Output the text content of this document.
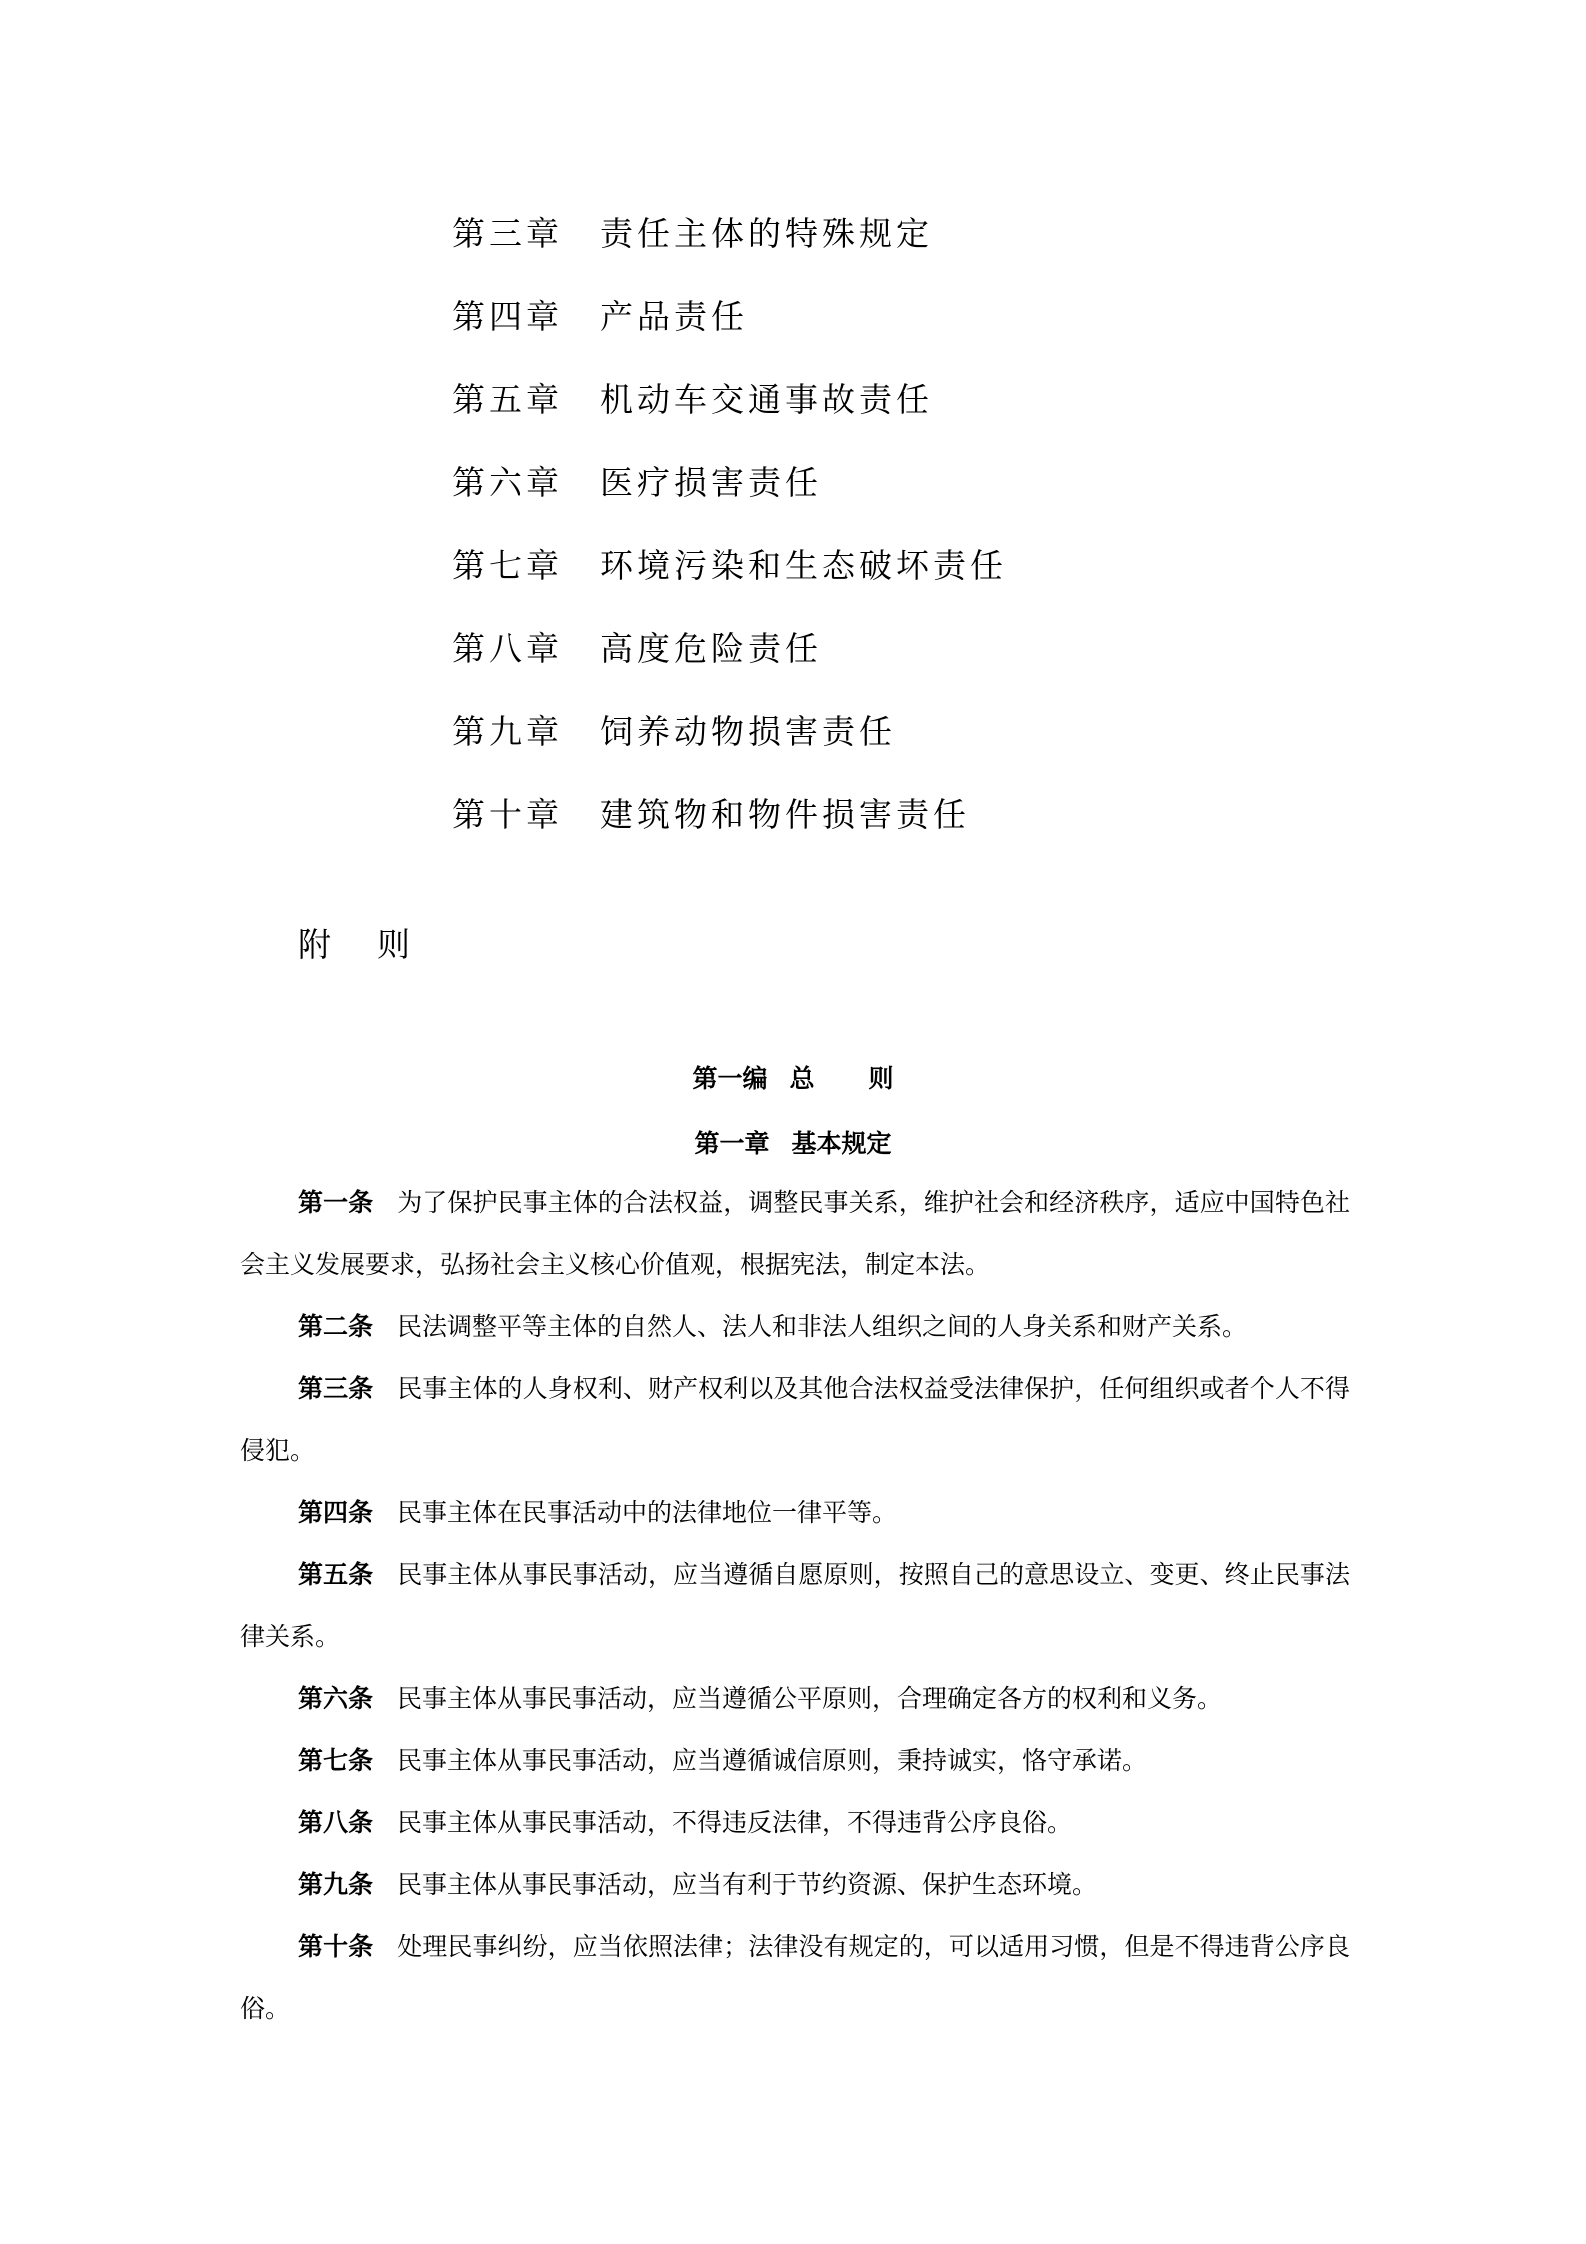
第三章 责任主体的特殊规定
第四章 产品责任
第五章 机动车交通事故责任
第六章 医疗损害责任
第七章 环境污染和生态破坏责任
第八章 高度危险责任
第九章 饲养动物损害责任
第十章 建筑物和物件损害责任
附 则
第一编 总 则
第一章 基本规定
第一条 为了保护民事主体的合法权益，调整民事关系，维护社会和经济秩序，适应中国特色社会主义发展要求，弘扬社会主义核心价值观，根据宪法，制定本法。
第二条 民法调整平等主体的自然人、法人和非法人组织之间的人身关系和财产关系。
第三条 民事主体的人身权利、财产权利以及其他合法权益受法律保护，任何组织或者个人不得侵犯。
第四条 民事主体在民事活动中的法律地位一律平等。
第五条 民事主体从事民事活动，应当遵循自愿原则，按照自己的意思设立、变更、终止民事法律关系。
第六条 民事主体从事民事活动，应当遵循公平原则，合理确定各方的权利和义务。
第七条 民事主体从事民事活动，应当遵循诚信原则，秉持诚实，恪守承诺。
第八条 民事主体从事民事活动，不得违反法律，不得违背公序良俗。
第九条 民事主体从事民事活动，应当有利于节约资源、保护生态环境。
第十条 处理民事纠纷，应当依照法律；法律没有规定的，可以适用习惯，但是不得违背公序良俗。
